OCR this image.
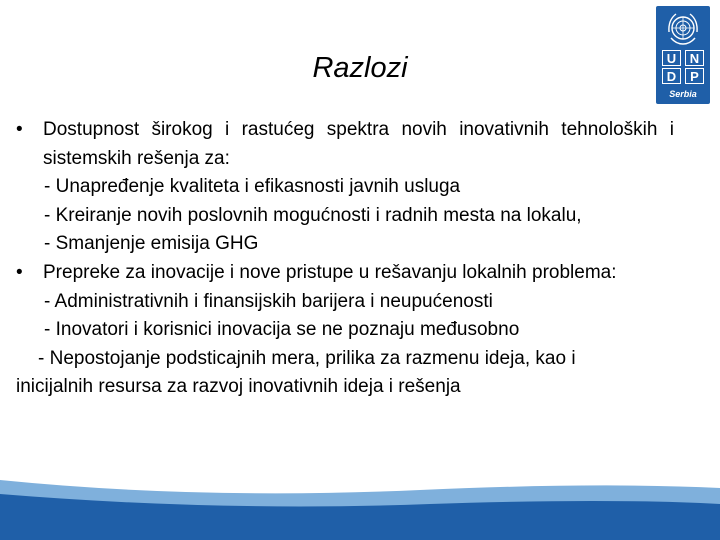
U	N
D	P
Serbia
Razlozi
• Dostupnost širokog i rastućeg spektra novih inovativnih tehnoloških i sistemskih rešenja za:
- Unapređenje kvaliteta i efikasnosti javnih usluga
- Kreiranje novih poslovnih mogućnosti i radnih mesta na lokalu,
- Smanjenje emisija GHG
• Prepreke za inovacije i nove pristupe u rešavanju lokalnih problema:
- Administrativnih i finansijskih barijera i neupućenosti
- Inovatori i korisnici inovacija se ne poznaju međusobno
- Nepostojanje podsticajnih mera, prilika za razmenu ideja, kao i
inicijalnih resursa za razvoj inovativnih ideja i rešenja
